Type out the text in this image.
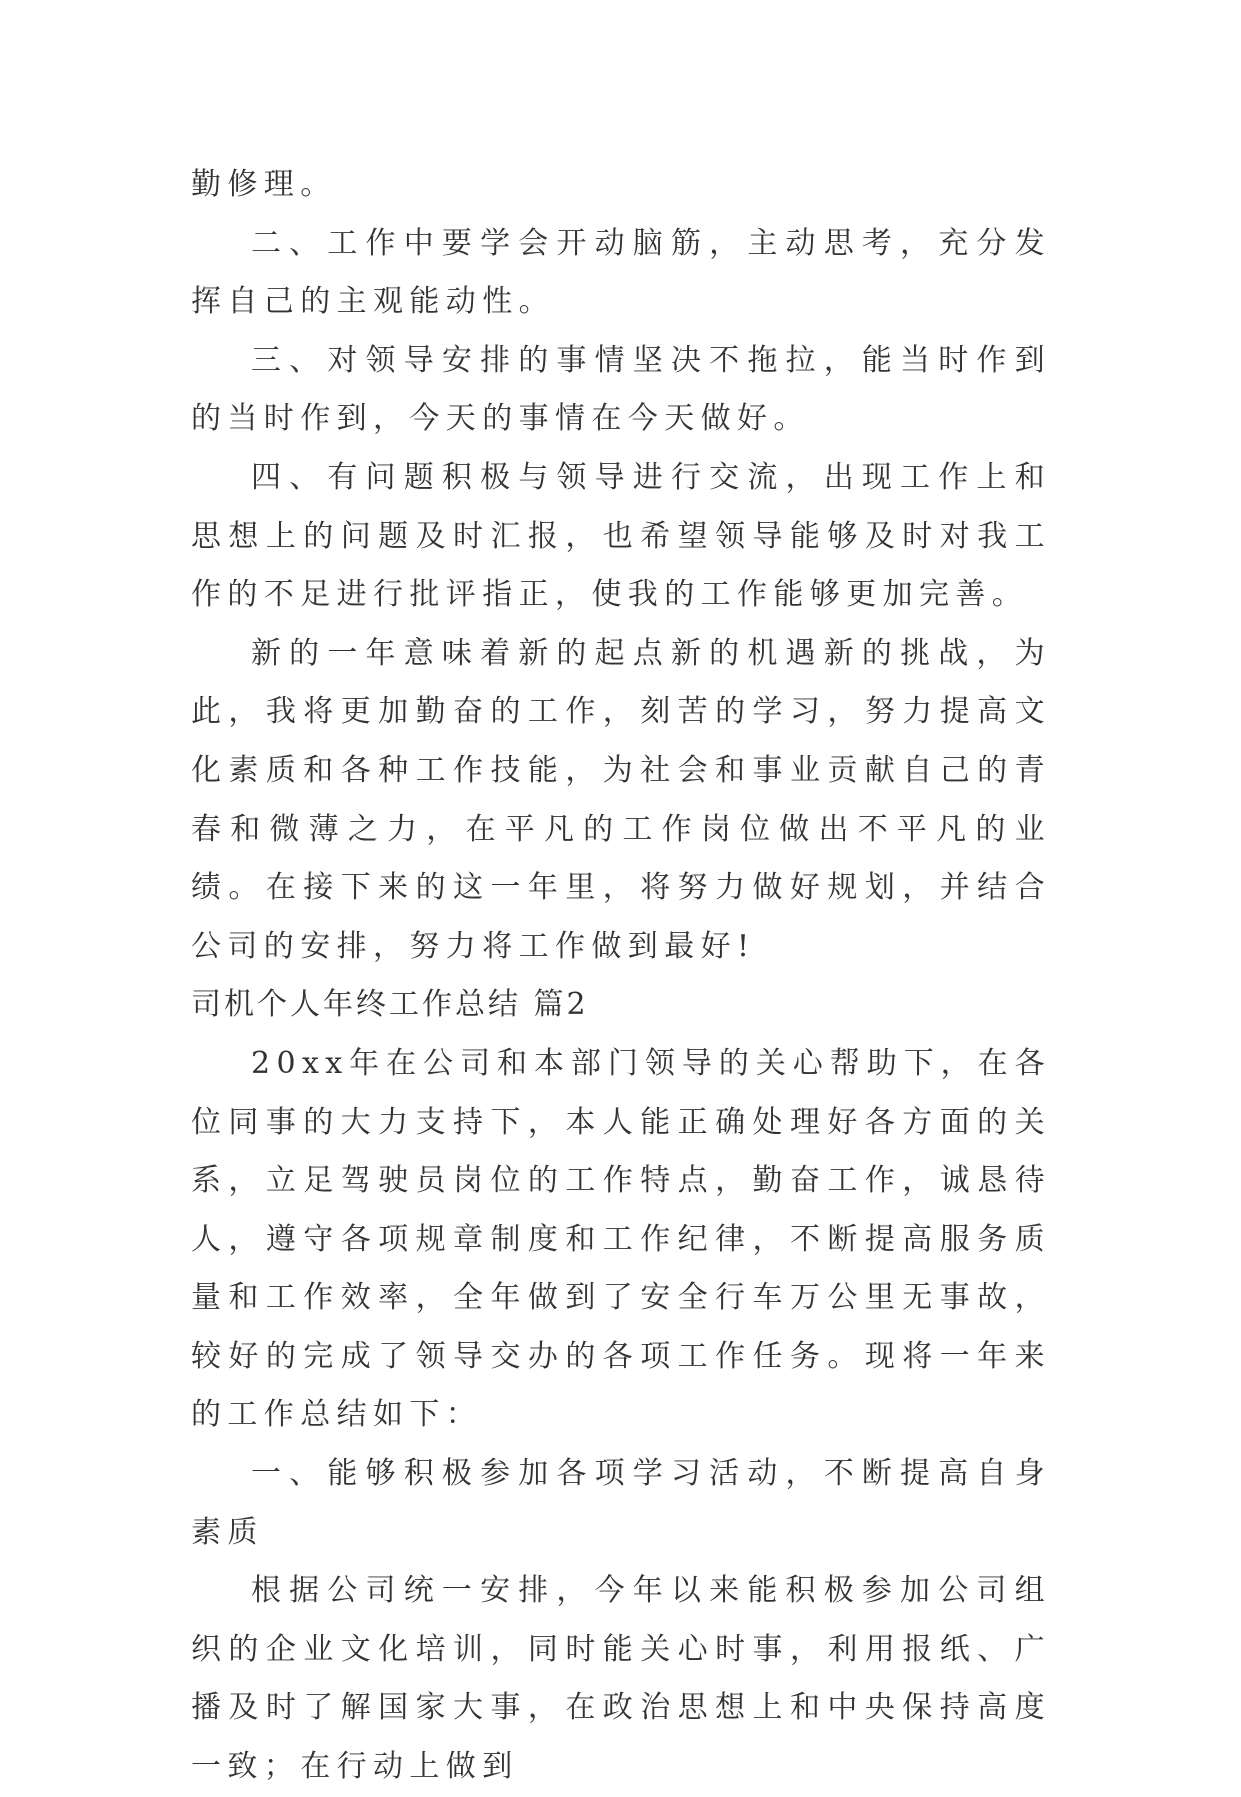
勤修理。

二、工作中要学会开动脑筋，主动思考，充分发挥自己的主观能动性。

三、对领导安排的事情坚决不拖拉，能当时作到的当时作到，今天的事情在今天做好。

四、有问题积极与领导进行交流，出现工作上和思想上的问题及时汇报，也希望领导能够及时对我工作的不足进行批评指正，使我的工作能够更加完善。

新的一年意味着新的起点新的机遇新的挑战，为此，我将更加勤奋的工作，刻苦的学习，努力提高文化素质和各种工作技能，为社会和事业贡献自己的青春和微薄之力，在平凡的工作岗位做出不平凡的业绩。在接下来的这一年里，将努力做好规划，并结合公司的安排，努力将工作做到最好!

司机个人年终工作总结 篇2

20xx年在公司和本部门领导的关心帮助下，在各位同事的大力支持下，本人能正确处理好各方面的关系，立足驾驶员岗位的工作特点，勤奋工作，诚恳待人，遵守各项规章制度和工作纪律，不断提高服务质量和工作效率，全年做到了安全行车万公里无事故，较好的完成了领导交办的各项工作任务。现将一年来的工作总结如下：

一、能够积极参加各项学习活动，不断提高自身素质

根据公司统一安排，今年以来能积极参加公司组织的企业文化培训，同时能关心时事，利用报纸、广播及时了解国家大事，在政治思想上和中央保持高度一致；在行动上做到
